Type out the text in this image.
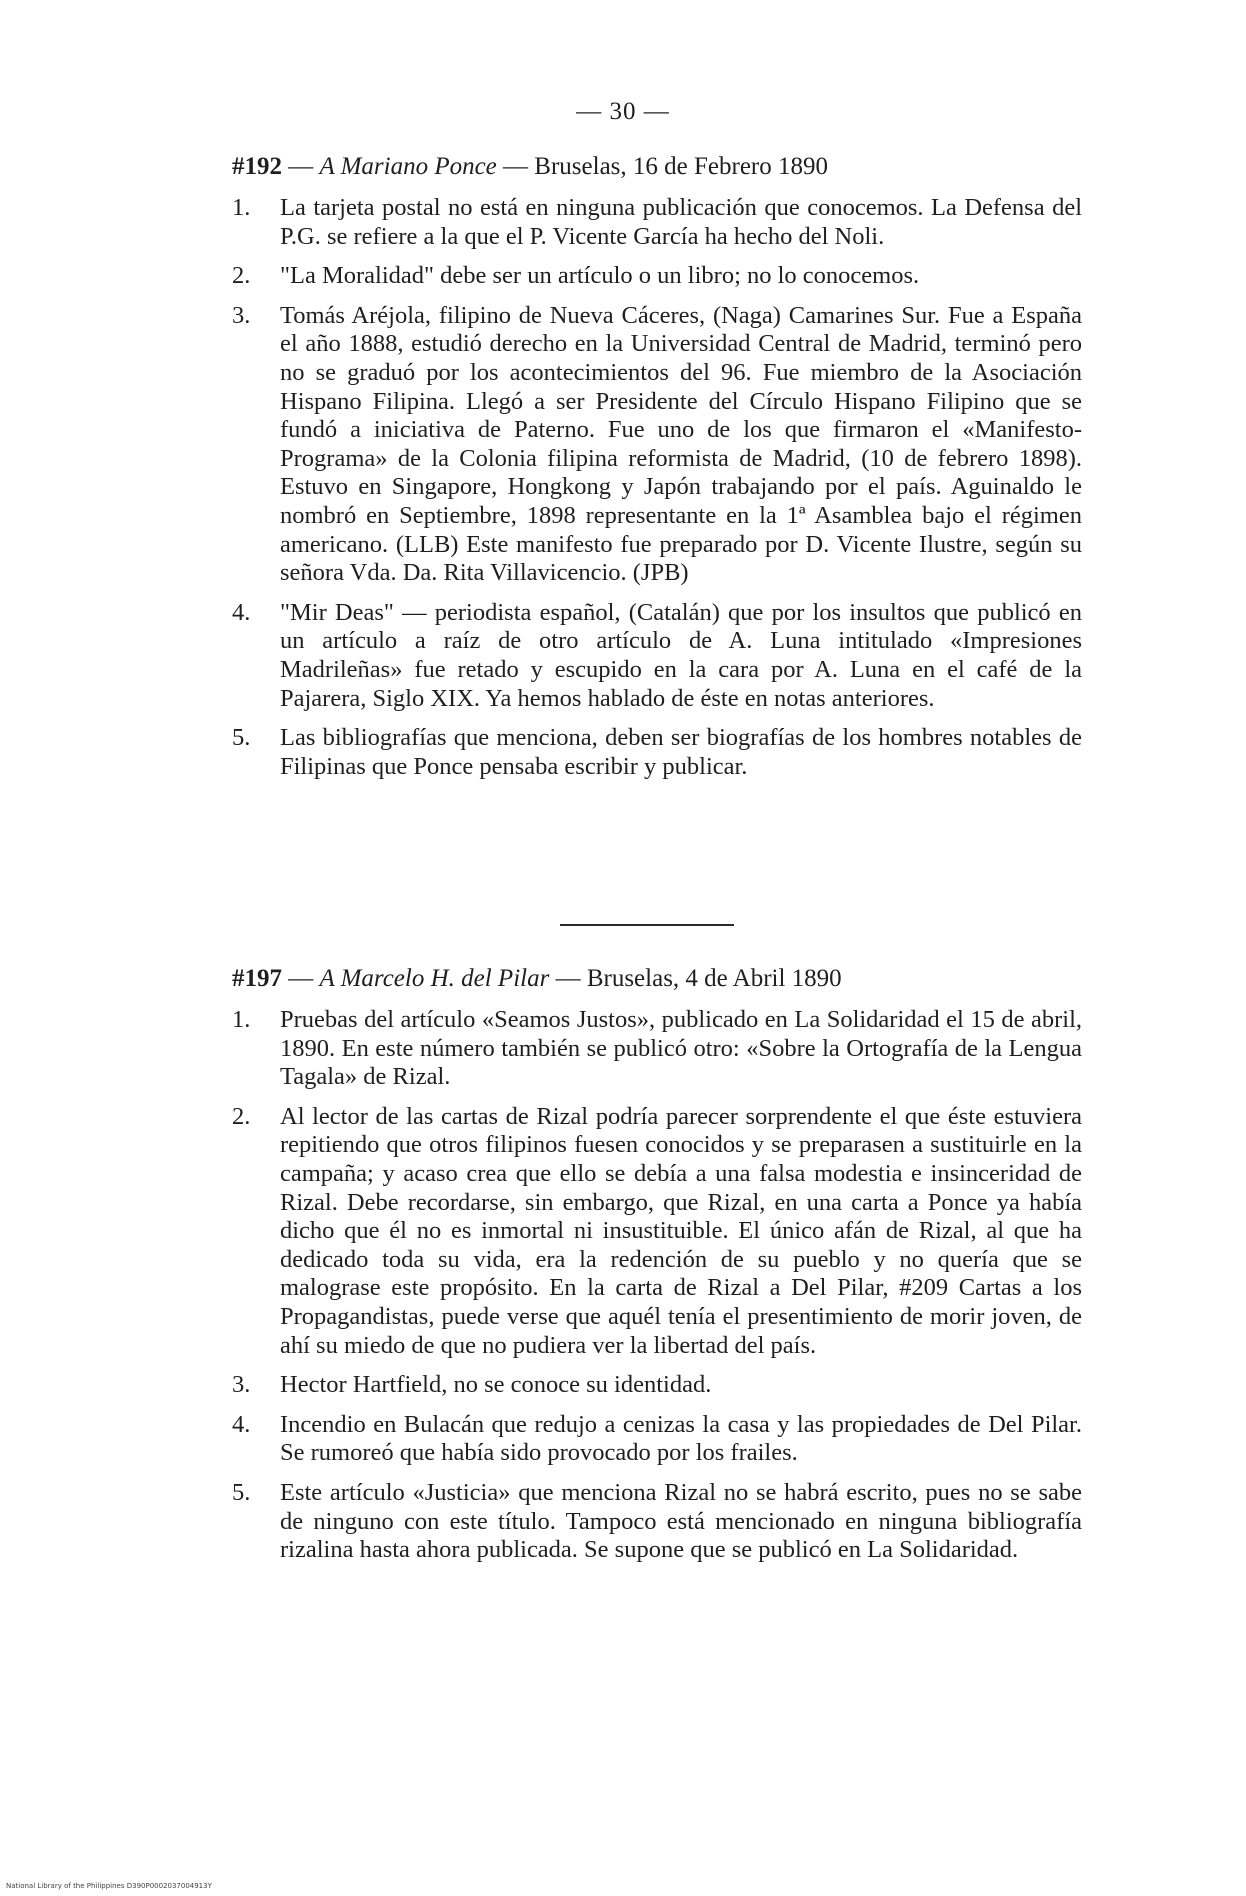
— 30 —
#192 — A Mariano Ponce — Bruselas, 16 de Febrero 1890
1. La tarjeta postal no está en ninguna publicación que conocemos. La Defensa del P.G. se refiere a la que el P. Vicente García ha hecho del Noli.
2. "La Moralidad" debe ser un artículo o un libro; no lo conocemos.
3. Tomás Aréjola, filipino de Nueva Cáceres, (Naga) Camarines Sur. Fue a España el año 1888, estudió derecho en la Universidad Central de Madrid, terminó pero no se graduó por los acontecimientos del 96. Fue miembro de la Asociación Hispano Filipina. Llegó a ser Presidente del Círculo Hispano Filipino que se fundó a iniciativa de Paterno. Fue uno de los que firmaron el «Manifesto-Programa» de la Colonia filipina reformista de Madrid, (10 de febrero 1898). Estuvo en Singapore, Hongkong y Japón trabajando por el país. Aguinaldo le nombró en Septiembre, 1898 representante en la 1ª Asamblea bajo el régimen americano. (LLB) Este manifesto fue preparado por D. Vicente Ilustre, según su señora Vda. Da. Rita Villavicencio. (JPB)
4. "Mir Deas" — periodista español, (Catalán) que por los insultos que publicó en un artículo a raíz de otro artículo de A. Luna intitulado «Impresiones Madrileñas» fue retado y escupido en la cara por A. Luna en el café de la Pajarera, Siglo XIX. Ya hemos hablado de éste en notas anteriores.
5. Las bibliografías que menciona, deben ser biografías de los hombres notables de Filipinas que Ponce pensaba escribir y publicar.
#197 — A Marcelo H. del Pilar — Bruselas, 4 de Abril 1890
1. Pruebas del artículo «Seamos Justos», publicado en La Solidaridad el 15 de abril, 1890. En este número también se publicó otro: «Sobre la Ortografía de la Lengua Tagala» de Rizal.
2. Al lector de las cartas de Rizal podría parecer sorprendente el que éste estuviera repitiendo que otros filipinos fuesen conocidos y se preparasen a sustituirle en la campaña; y acaso crea que ello se debía a una falsa modestia e insinceridad de Rizal. Debe recordarse, sin embargo, que Rizal, en una carta a Ponce ya había dicho que él no es inmortal ni insustituible. El único afán de Rizal, al que ha dedicado toda su vida, era la redención de su pueblo y no quería que se malograse este propósito. En la carta de Rizal a Del Pilar, #209 Cartas a los Propagandistas, puede verse que aquél tenía el presentimiento de morir joven, de ahí su miedo de que no pudiera ver la libertad del país.
3. Hector Hartfield, no se conoce su identidad.
4. Incendio en Bulacán que redujo a cenizas la casa y las propiedades de Del Pilar. Se rumoreó que había sido provocado por los frailes.
5. Este artículo «Justicia» que menciona Rizal no se habrá escrito, pues no se sabe de ninguno con este título. Tampoco está mencionado en ninguna bibliografía rizalina hasta ahora publicada. Se supone que se publicó en La Solidaridad.
National Library of the Philippines D390P0002037004913Y
